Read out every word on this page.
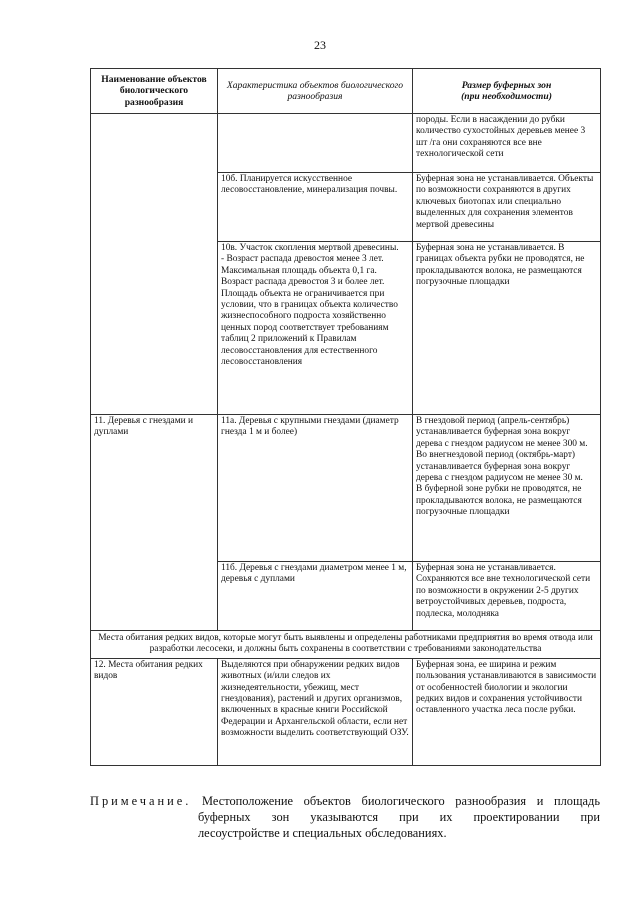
23
Наименование объектов биологического разнообразия	Характеристика объектов биологического разнообразия	Размер буферных зон
(при необходимости)
		породы. Если в насаждении до рубки количество сухостойных деревьев менее 3 шт /га они сохраняются все вне технологической сети
	10б. Планируется искусственное лесовосстановление, минерализация почвы.	Буферная зона не устанавливается. Объекты по возможности сохраняются в других ключевых биотопах или специально выделенных для сохранения элементов мертвой древесины
	10в. Участок скопления мертвой древесины.
- Возраст распада древостоя менее 3 лет. Максимальная площадь объекта 0,1 га.
Возраст распада древостоя 3 и более лет. Площадь объекта не ограничивается при условии, что в границах объекта количество жизнеспособного подроста хозяйственно ценных пород соответствует требованиям таблиц 2 приложений к Правилам лесовосстановления для естественного лесовосстановления	Буферная зона не устанавливается. В границах объекта рубки не проводятся, не прокладываются волока, не размещаются погрузочные площадки
11. Деревья с гнездами и дуплами	11а. Деревья с крупными гнездами (диаметр гнезда 1 м и более)	В гнездовой период (апрель-сентябрь) устанавливается буферная зона вокруг дерева с гнездом радиусом не менее 300 м. Во внегнездовой период (октябрь-март) устанавливается буферная зона вокруг дерева с гнездом радиусом не менее 30 м.
В буферной зоне рубки не проводятся, не прокладываются волока, не размещаются погрузочные площадки
	11б. Деревья с гнездами диаметром менее 1 м, деревья с дуплами	Буферная зона не устанавливается. Сохраняются все вне технологической сети по возможности в окружении 2-5 других ветроустойчивых деревьев, подроста, подлеска, молодняка
Места обитания редких видов, которые могут быть выявлены и определены работниками предприятия во время отвода или разработки лесосеки, и должны быть сохранены в соответствии с требованиями законодательства		
12. Места обитания редких видов	Выделяются при обнаружении редких видов животных (и/или следов их жизнедеятельности, убежищ, мест гнездования), растений и других организмов, включенных в красные книги Российской Федерации и Архангельской области, если нет возможности выделить соответствующий ОЗУ.	Буферная зона, ее ширина и режим пользования устанавливаются в зависимости от особенностей биологии и экологии редких видов и сохранения устойчивости оставленного участка леса после рубки.
Примечание. Местоположение объектов биологического разнообразия и площадь
буферных зон указываются при их проектировании при
лесоустройстве и специальных обследованиях.
